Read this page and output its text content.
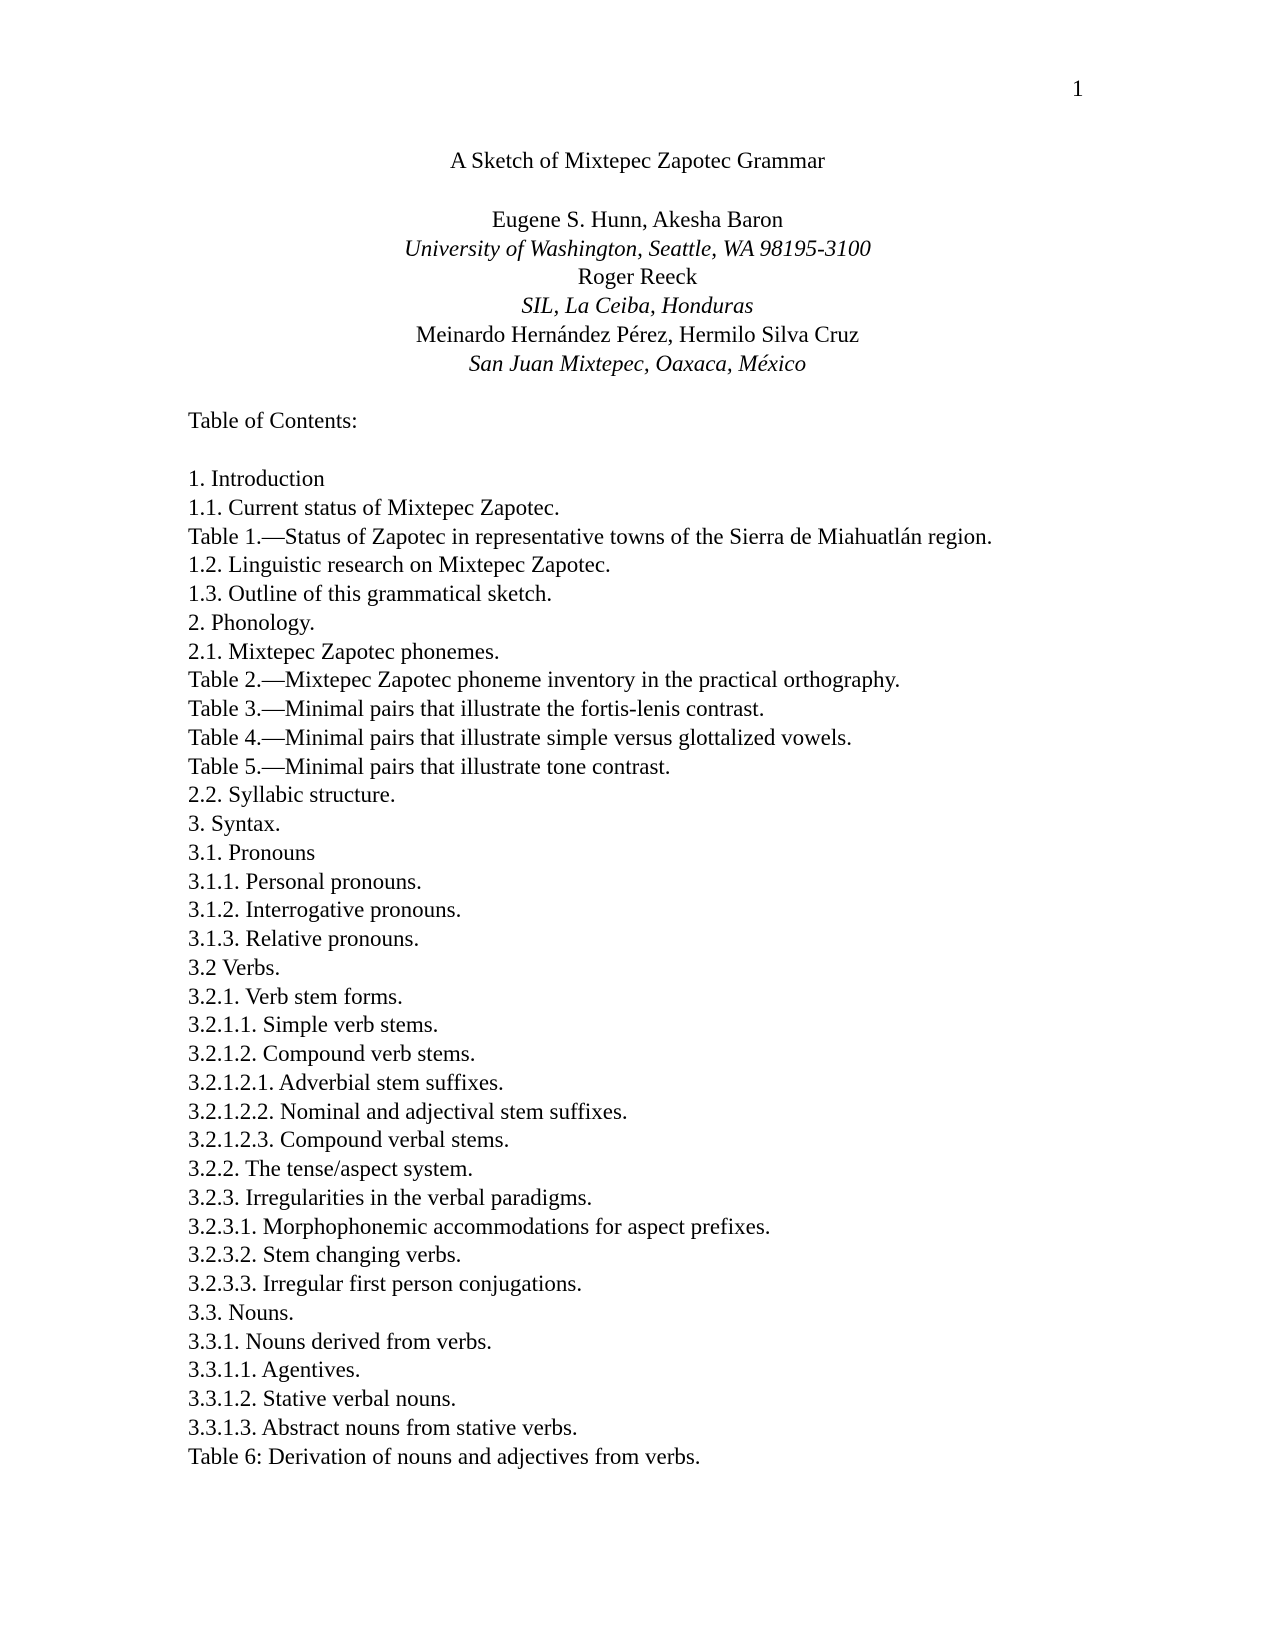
1
A Sketch of Mixtepec Zapotec Grammar
Eugene S. Hunn, Akesha Baron
University of Washington, Seattle, WA 98195-3100
Roger Reeck
SIL, La Ceiba, Honduras
Meinardo Hernández Pérez, Hermilo Silva Cruz
San Juan Mixtepec, Oaxaca, México
Table of Contents:
1. Introduction
1.1. Current status of Mixtepec Zapotec.
Table 1.—Status of Zapotec in representative towns of the Sierra de Miahuatlán region.
1.2. Linguistic research on Mixtepec Zapotec.
1.3. Outline of this grammatical sketch.
2. Phonology.
2.1. Mixtepec Zapotec phonemes.
Table 2.—Mixtepec Zapotec phoneme inventory in the practical orthography.
Table 3.—Minimal pairs that illustrate the fortis-lenis contrast.
Table 4.—Minimal pairs that illustrate simple versus glottalized vowels.
Table 5.—Minimal pairs that illustrate tone contrast.
2.2. Syllabic structure.
3. Syntax.
3.1. Pronouns
3.1.1. Personal pronouns.
3.1.2. Interrogative pronouns.
3.1.3. Relative pronouns.
3.2 Verbs.
3.2.1. Verb stem forms.
3.2.1.1. Simple verb stems.
3.2.1.2. Compound verb stems.
3.2.1.2.1. Adverbial stem suffixes.
3.2.1.2.2. Nominal and adjectival stem suffixes.
3.2.1.2.3. Compound verbal stems.
3.2.2. The tense/aspect system.
3.2.3. Irregularities in the verbal paradigms.
3.2.3.1. Morphophonemic accommodations for aspect prefixes.
3.2.3.2. Stem changing verbs.
3.2.3.3. Irregular first person conjugations.
3.3. Nouns.
3.3.1. Nouns derived from verbs.
3.3.1.1. Agentives.
3.3.1.2. Stative verbal nouns.
3.3.1.3. Abstract nouns from stative verbs.
Table 6: Derivation of nouns and adjectives from verbs.
